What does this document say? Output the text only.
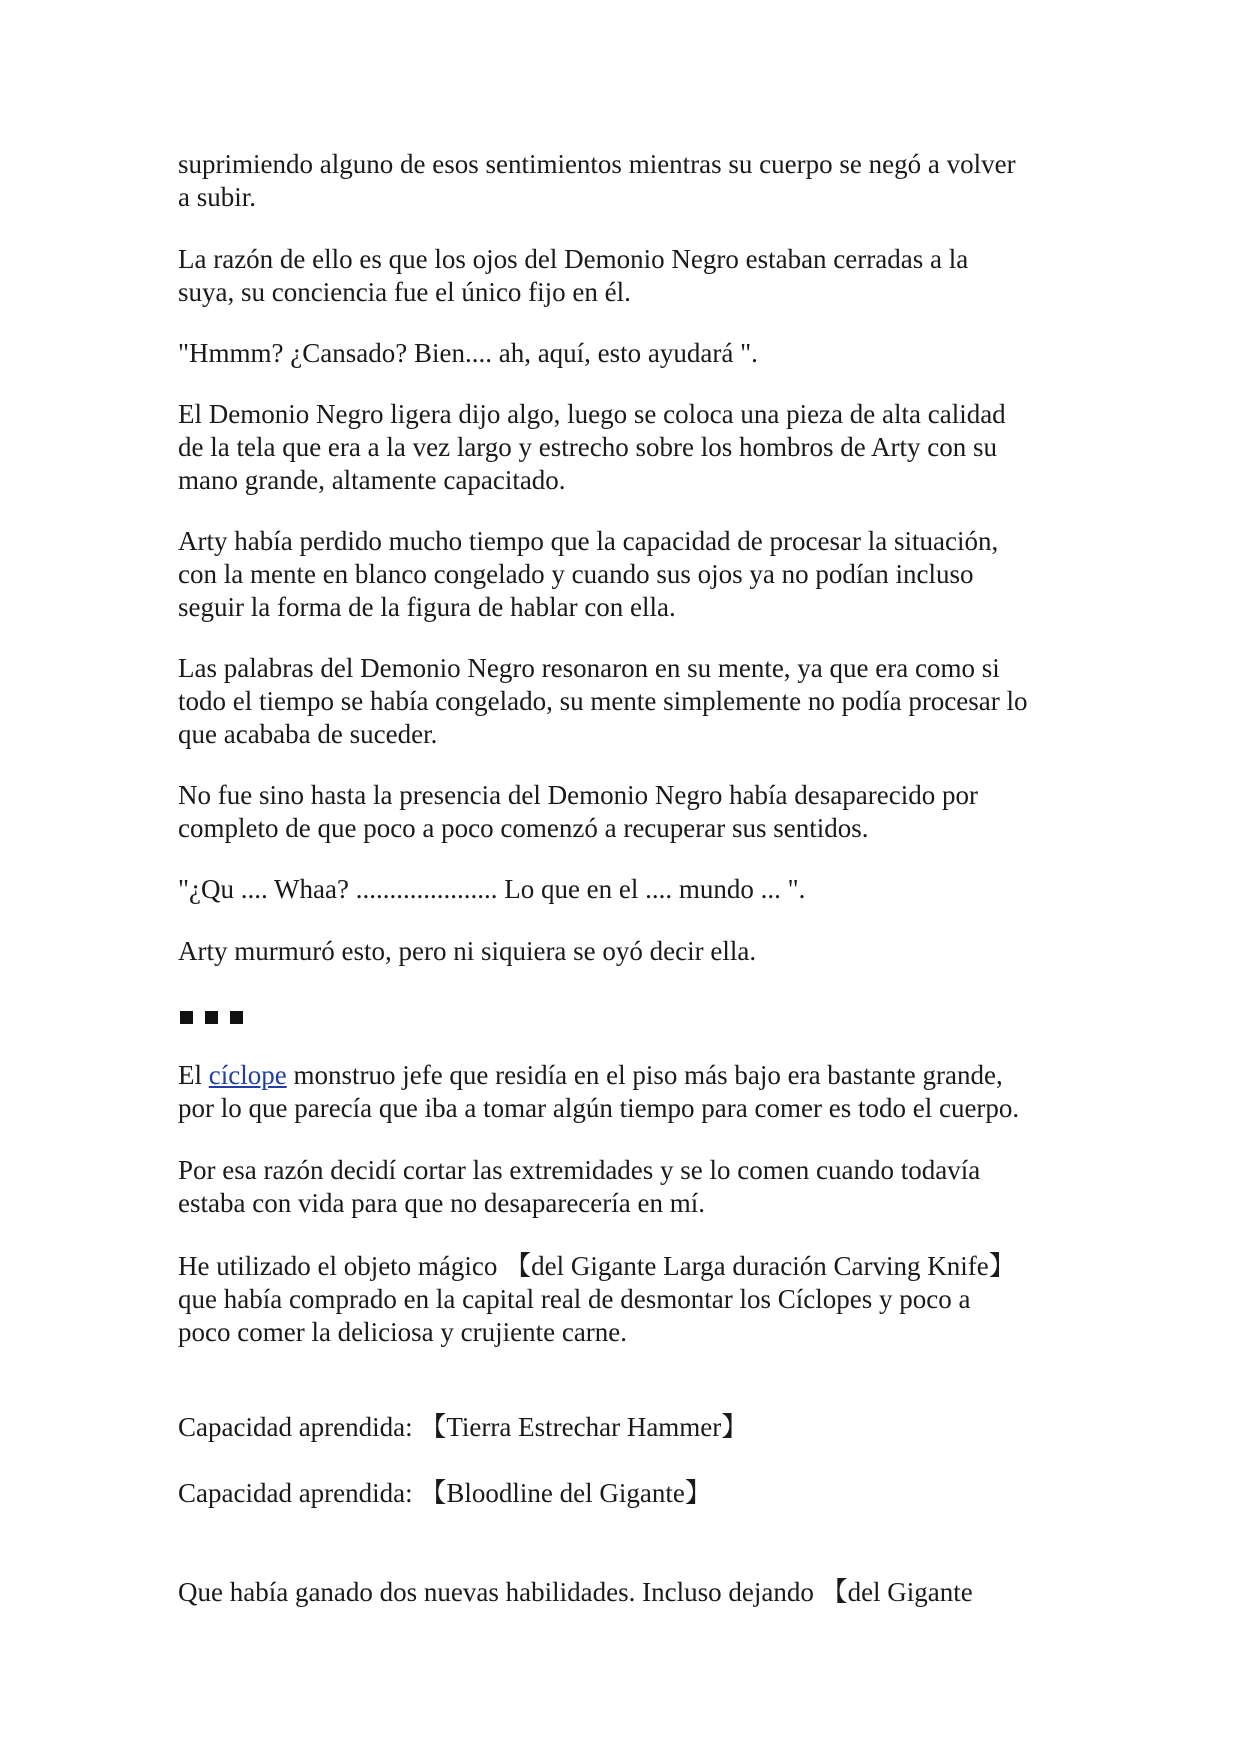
suprimiendo alguno de esos sentimientos mientras su cuerpo se negó a volver
a subir.

La razón de ello es que los ojos del Demonio Negro estaban cerradas a la
suya, su conciencia fue el único fijo en él.

"Hmmm? ¿Cansado? Bien.... ah, aquí, esto ayudará ".

El Demonio Negro ligera dijo algo, luego se coloca una pieza de alta calidad
de la tela que era a la vez largo y estrecho sobre los hombros de Arty con su
mano grande, altamente capacitado.

Arty había perdido mucho tiempo que la capacidad de procesar la situación,
con la mente en blanco congelado y cuando sus ojos ya no podían incluso
seguir la forma de la figura de hablar con ella.

Las palabras del Demonio Negro resonaron en su mente, ya que era como si
todo el tiempo se había congelado, su mente simplemente no podía procesar lo
que acababa de suceder.

No fue sino hasta la presencia del Demonio Negro había desaparecido por
completo de que poco a poco comenzó a recuperar sus sentidos.

"¿Qu .... Whaa? ..................... Lo que en el .... mundo ... ".

Arty murmuró esto, pero ni siquiera se oyó decir ella.

El cíclope monstruo jefe que residía en el piso más bajo era bastante grande,
por lo que parecía que iba a tomar algún tiempo para comer es todo el cuerpo.

Por esa razón decidí cortar las extremidades y se lo comen cuando todavía
estaba con vida para que no desaparecería en mí.

He utilizado el objeto mágico 【del Gigante Larga duración Carving Knife】
que había comprado en la capital real de desmontar los Cíclopes y poco a
poco comer la deliciosa y crujiente carne.

Capacidad aprendida: 【Tierra Estrechar Hammer】

Capacidad aprendida: 【Bloodline del Gigante】

Que había ganado dos nuevas habilidades. Incluso dejando 【del Gigante
